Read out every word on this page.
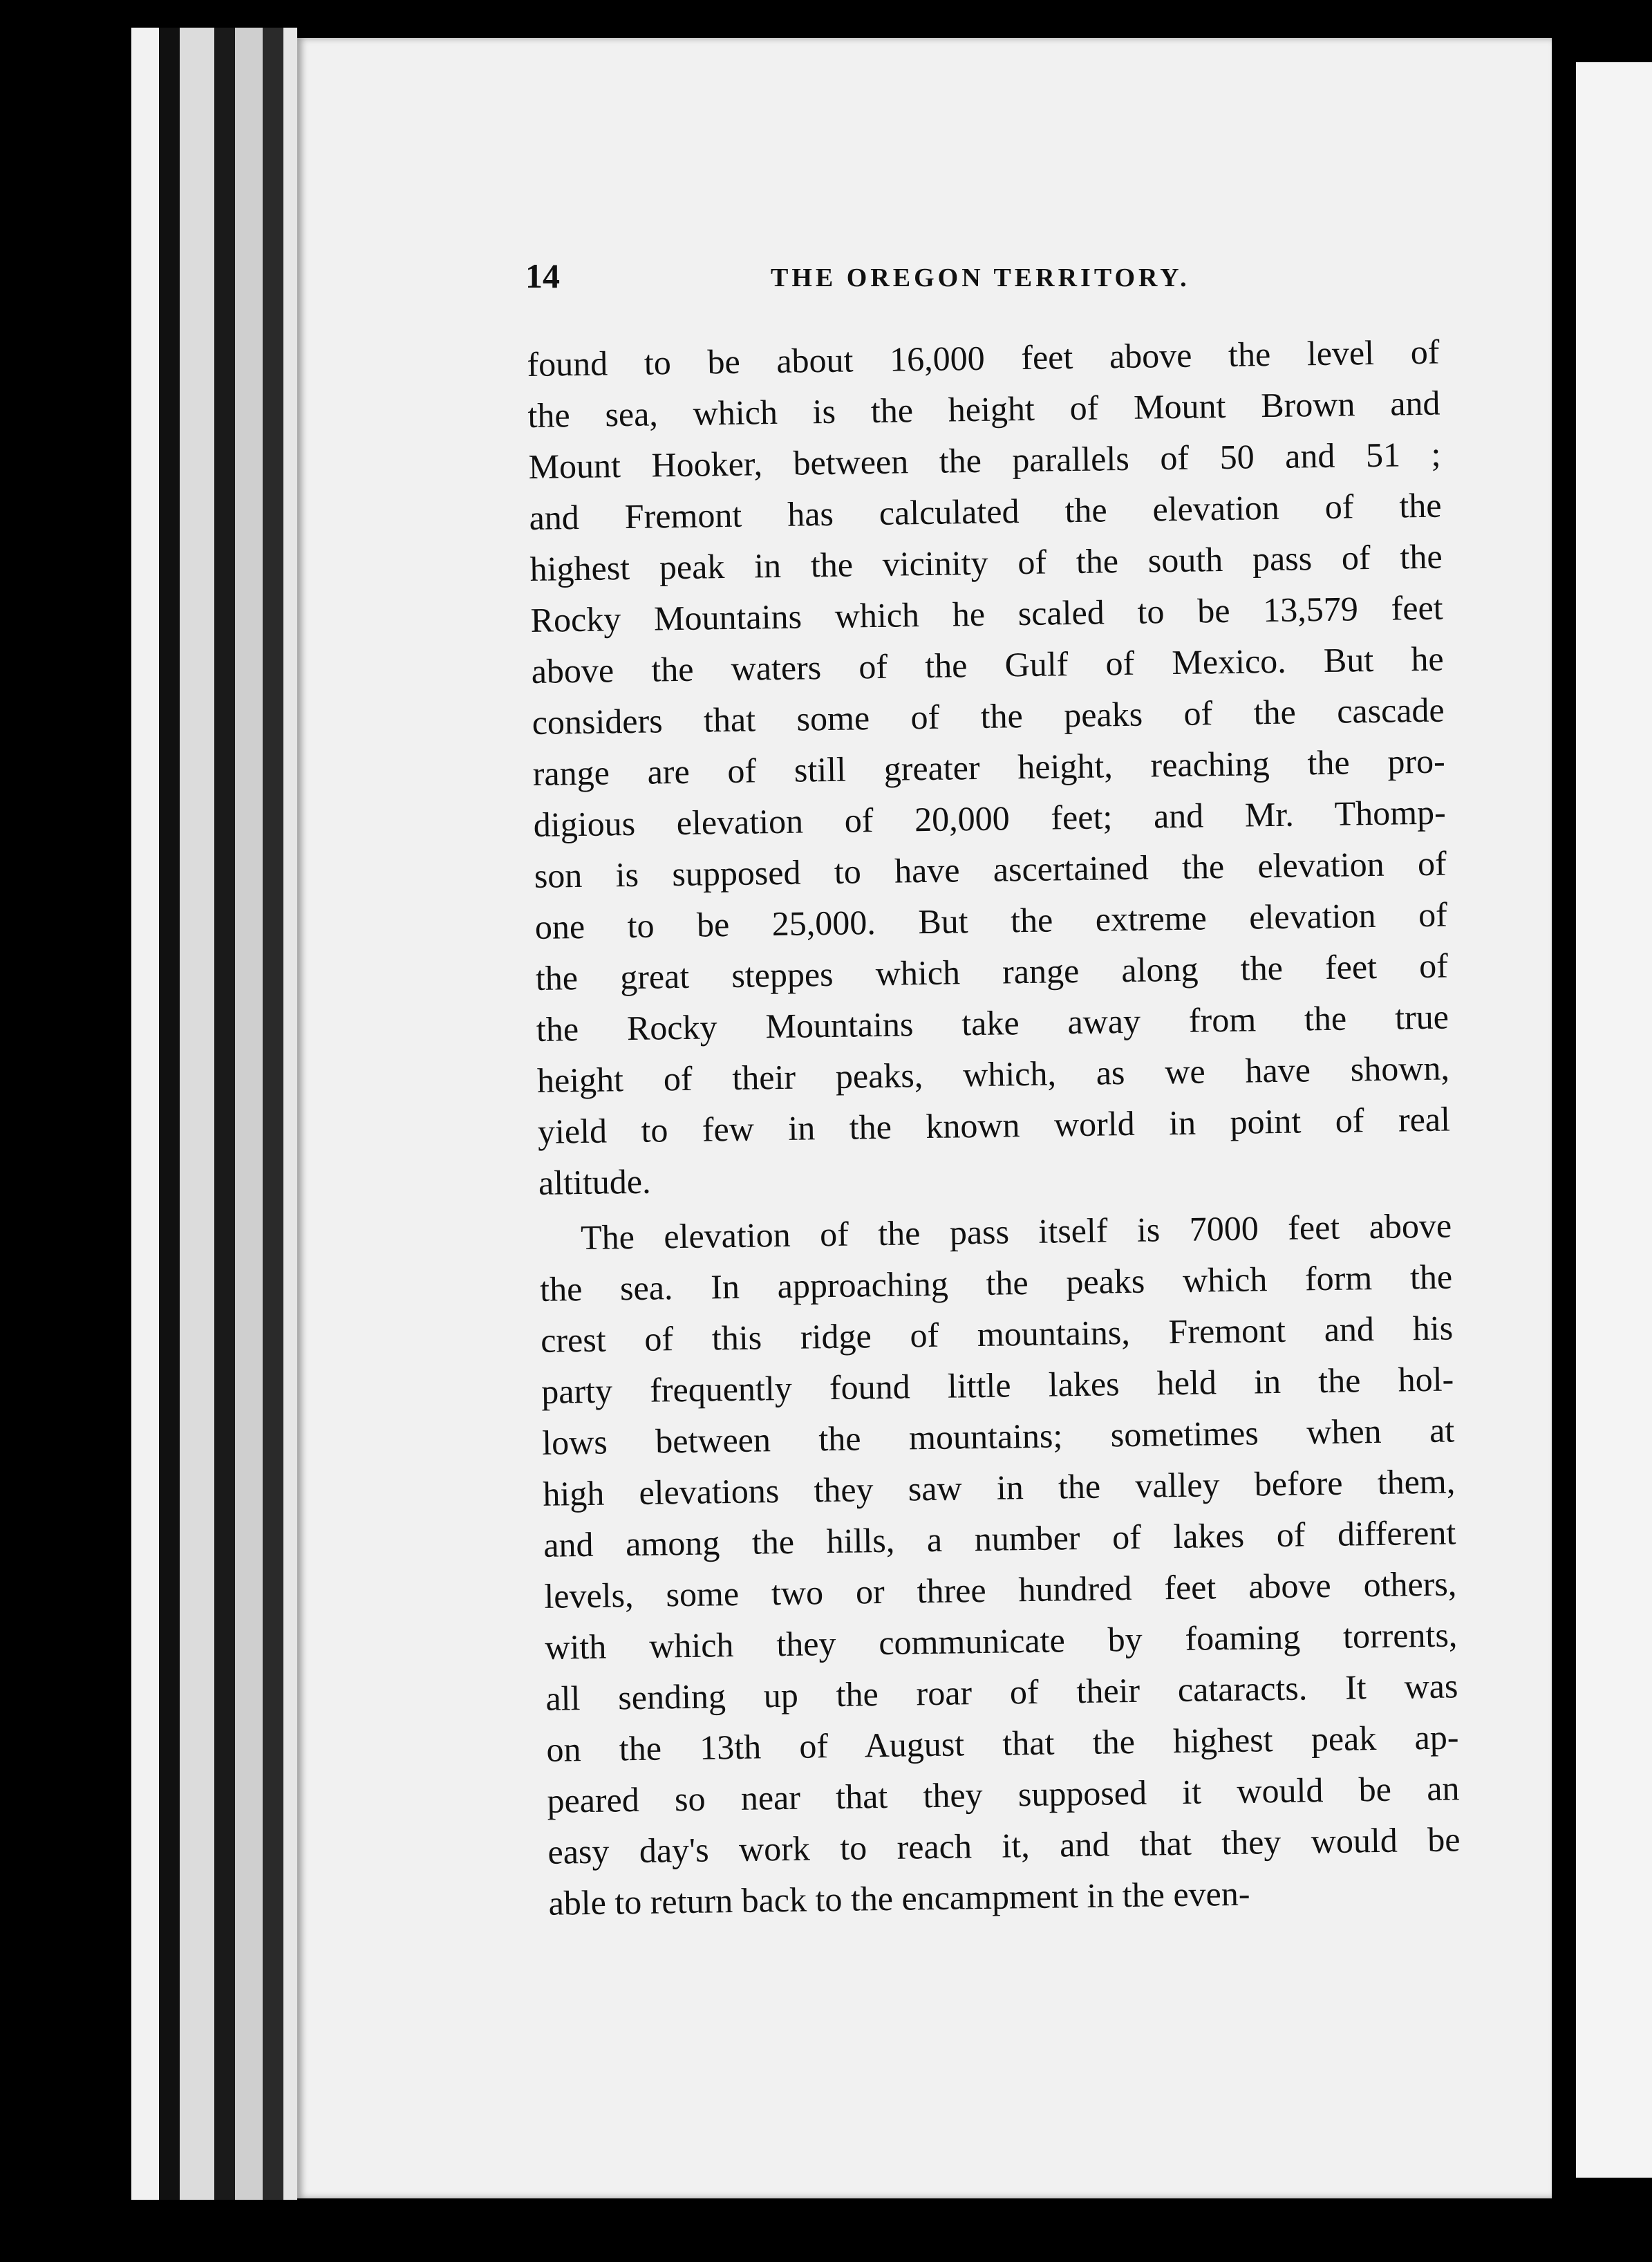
14	THE OREGON TERRITORY.
found to be about 16,000 feet above the level of
the sea, which is the height of Mount Brown and
Mount Hooker, between the parallels of 50 and 51 ;
and Fremont has calculated the elevation of the
highest peak in the vicinity of the south pass of the
Rocky Mountains which he scaled to be 13,579 feet
above the waters of the Gulf of Mexico. But he
considers that some of the peaks of the cascade
range are of still greater height, reaching the pro-
digious elevation of 20,000 feet; and Mr. Thomp-
son is supposed to have ascertained the elevation of
one to be 25,000. But the extreme elevation of
the great steppes which range along the feet of
the Rocky Mountains take away from the true
height of their peaks, which, as we have shown,
yield to few in the known world in point of real
altitude.
The elevation of the pass itself is 7000 feet above
the sea. In approaching the peaks which form the
crest of this ridge of mountains, Fremont and his
party frequently found little lakes held in the hol-
lows between the mountains; sometimes when at
high elevations they saw in the valley before them,
and among the hills, a number of lakes of different
levels, some two or three hundred feet above others,
with which they communicate by foaming torrents,
all sending up the roar of their cataracts. It was
on the 13th of August that the highest peak ap-
peared so near that they supposed it would be an
easy day's work to reach it, and that they would be
able to return back to the encampment in the even-
